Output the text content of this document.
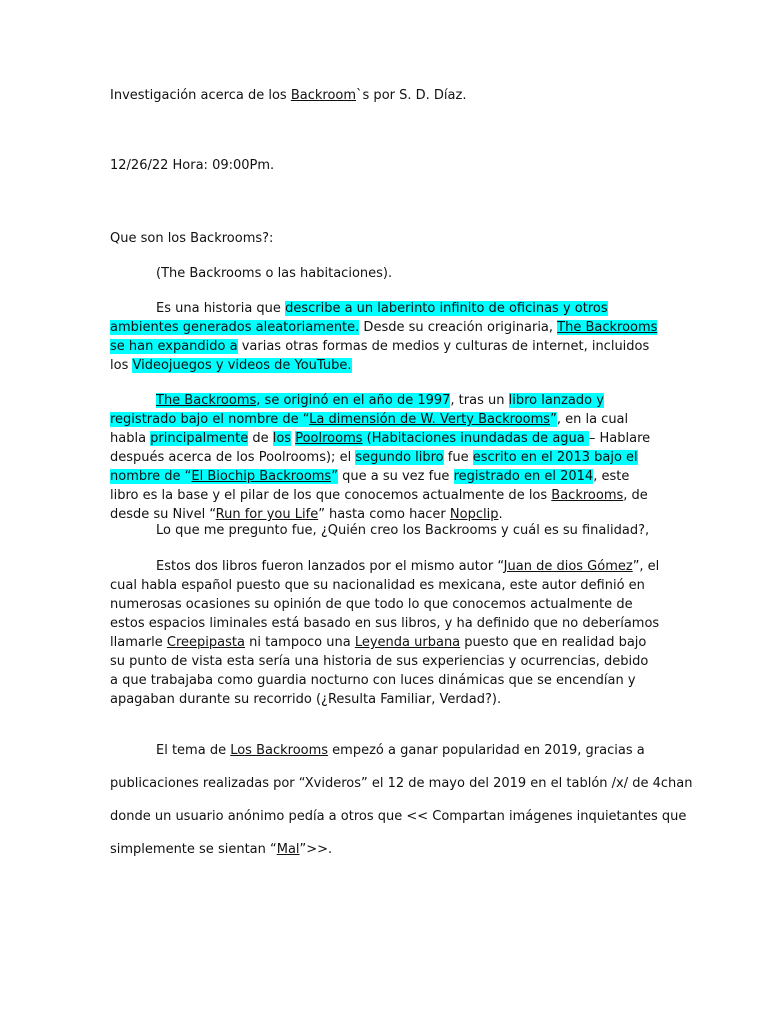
Investigación acerca de los Backroom`s por S. D. Díaz.

12/26/22 Hora: 09:00Pm.

Que son los Backrooms?:

(The Backrooms o las habitaciones).

Es una historia que describe a un laberinto infinito de oficinas y otros ambientes generados aleatoriamente. Desde su creación originaria, The Backrooms se han expandido a varias otras formas de medios y culturas de internet, incluidos los Videojuegos y videos de YouTube.

The Backrooms, se originó en el año de 1997, tras un libro lanzado y registrado bajo el nombre de “La dimensión de W. Verty Backrooms”, en la cual habla principalmente de los Poolrooms (Habitaciones inundadas de agua – Hablare después acerca de los Poolrooms); el segundo libro fue escrito en el 2013 bajo el nombre de “El Biochip Backrooms” que a su vez fue registrado en el 2014, este libro es la base y el pilar de los que conocemos actualmente de los Backrooms, de desde su Nivel “Run for you Life” hasta como hacer Nopclip.

Lo que me pregunto fue, ¿Quién creo los Backrooms y cuál es su finalidad?,

Estos dos libros fueron lanzados por el mismo autor “Juan de dios Gómez”, el cual habla español puesto que su nacionalidad es mexicana, este autor definió en numerosas ocasiones su opinión de que todo lo que conocemos actualmente de estos espacios liminales está basado en sus libros, y ha definido que no deberíamos llamarle Creepipasta ni tampoco una Leyenda urbana puesto que en realidad bajo su punto de vista esta sería una historia de sus experiencias y ocurrencias, debido a que trabajaba como guardia nocturno con luces dinámicas que se encendían y apagaban durante su recorrido (¿Resulta Familiar, Verdad?).

El tema de Los Backrooms empezó a ganar popularidad en 2019, gracias a

publicaciones realizadas por “Xvideros” el 12 de mayo del 2019 en el tablón /x/ de 4chan

donde un usuario anónimo pedía a otros que << Compartan imágenes inquietantes que

simplemente se sientan “Mal”>>.
